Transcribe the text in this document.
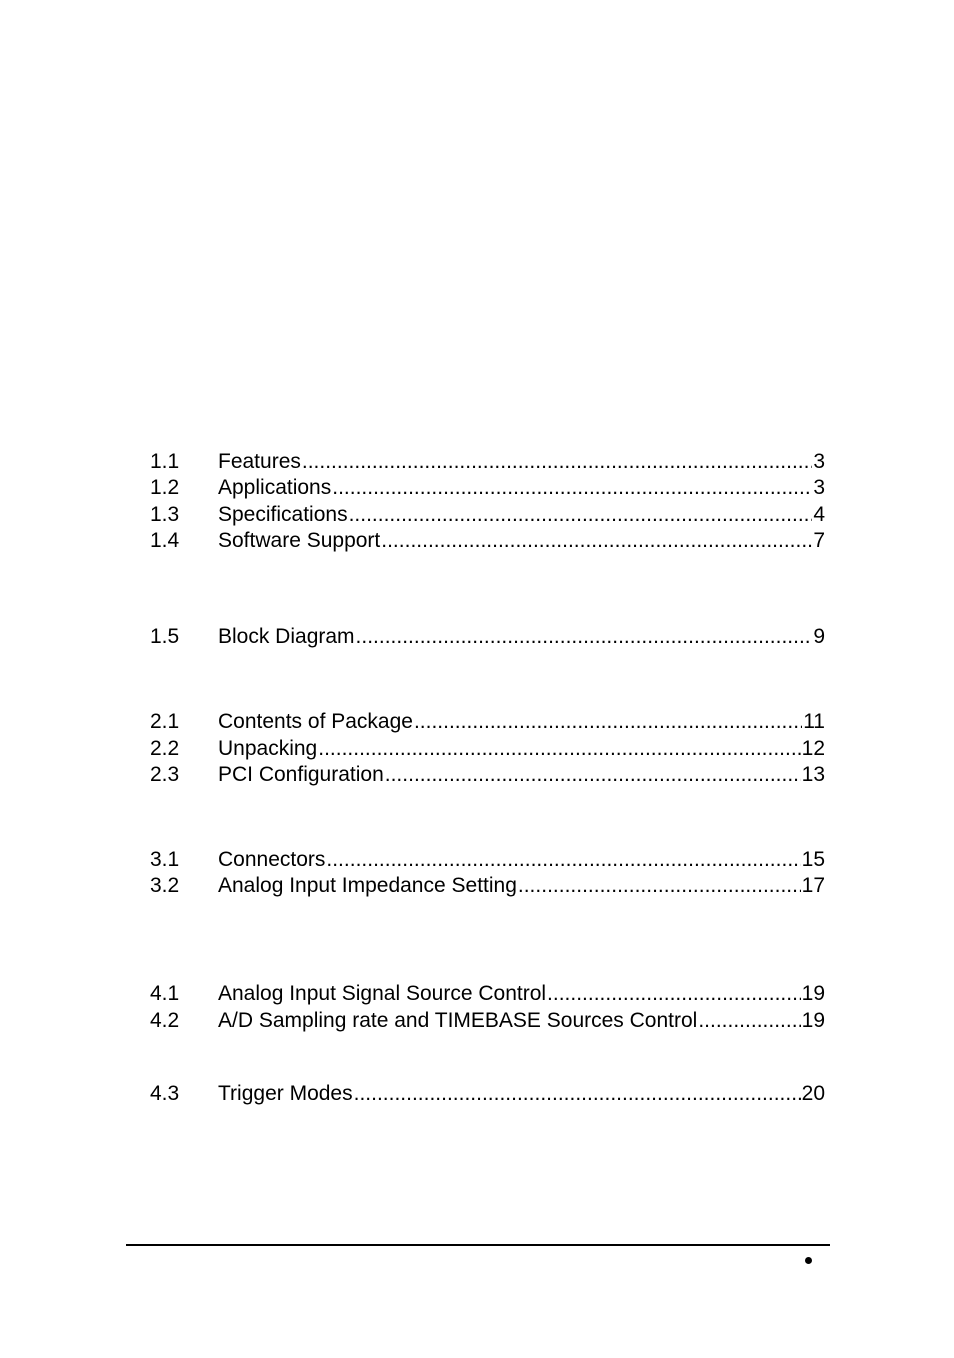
1.1	Features .....	3
1.2	Applications .....	3
1.3	Specifications .....	4
1.4	Software Support .....	7
1.5	Block Diagram .....	9
2.1	Contents of Package .....	11
2.2	Unpacking .....	12
2.3	PCI Configuration .....	13
3.1	Connectors .....	15
3.2	Analog Input Impedance Setting .....	17
4.1	Analog Input Signal Source Control .....	19
4.2	A/D Sampling rate and TIMEBASE Sources Control .....	19
4.3	Trigger Modes .....	20
